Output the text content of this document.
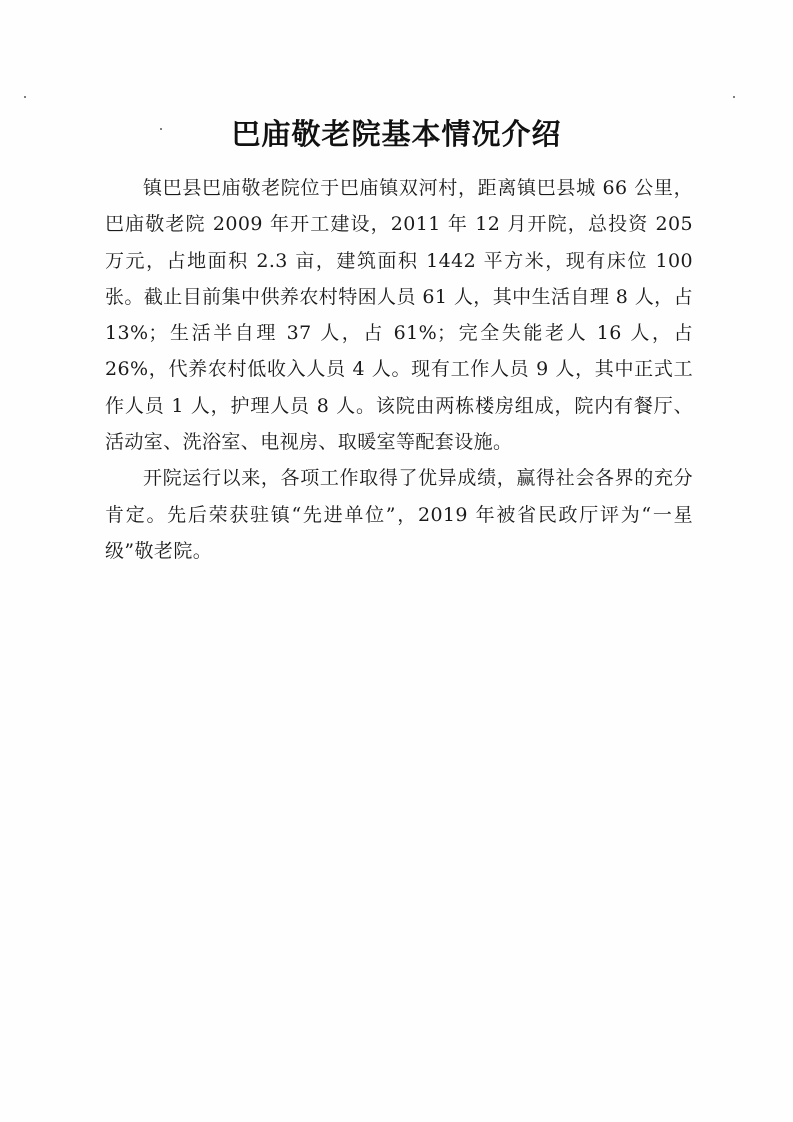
巴庙敬老院基本情况介绍

镇巴县巴庙敬老院位于巴庙镇双河村，距离镇巴县城 66 公里，巴庙敬老院 2009 年开工建设，2011 年 12 月开院，总投资 205 万元，占地面积 2.3 亩，建筑面积 1442 平方米，现有床位 100 张。截止目前集中供养农村特困人员 61 人，其中生活自理 8 人，占 13%；生活半自理 37 人，占 61%；完全失能老人 16 人，占 26%，代养农村低收入人员 4 人。现有工作人员 9 人，其中正式工作人员 1 人，护理人员 8 人。该院由两栋楼房组成，院内有餐厅、活动室、洗浴室、电视房、取暖室等配套设施。

开院运行以来，各项工作取得了优异成绩，赢得社会各界的充分肯定。先后荣获驻镇“先进单位”，2019 年被省民政厅评为“一星级”敬老院。
